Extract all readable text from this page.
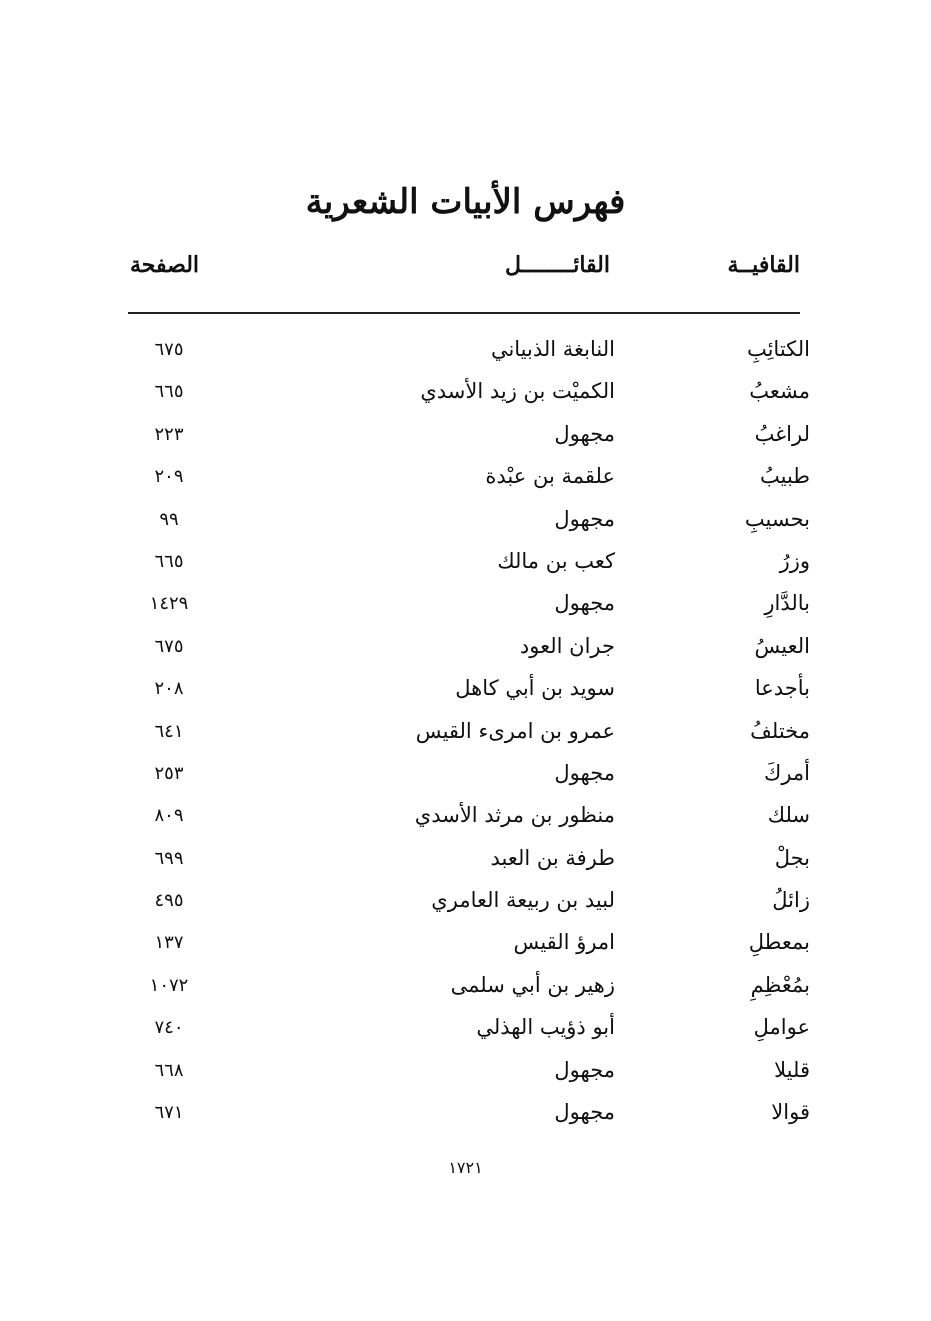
فهرس الأبيات الشعرية
القافيــة
القائــــــــل
الصفحة
الكتائِبِ
النابغة الذبياني
٦٧٥
مشعبُ
الكميْت بن زيد الأسدي
٦٦٥
لراغبُ
مجهول
٢٢٣
طبيبُ
علقمة بن عبْدة
٢٠٩
بحسيبِ
مجهول
٩٩
وزرُ
كعب بن مالك
٦٦٥
بالدَّارِ
مجهول
١٤٢٩
العيسُ
جران العود
٦٧٥
بأجدعا
سويد بن أبي كاهل
٢٠٨
مختلفُ
عمرو بن امرىء القيس
٦٤١
أمركَ
مجهول
٢٥٣
سلك
منظور بن مرثد الأسدي
٨٠٩
بجلْ
طرفة بن العبد
٦٩٩
زائلُ
لبيد بن ربيعة العامري
٤٩٥
بمعطلِ
امرؤ القيس
١٣٧
بمُعْظِمِ
زهير بن أبي سلمى
١٠٧٢
عواملِ
أبو ذؤيب الهذلي
٧٤٠
قليلا
مجهول
٦٦٨
قوالا
مجهول
٦٧١
١٧٢١
